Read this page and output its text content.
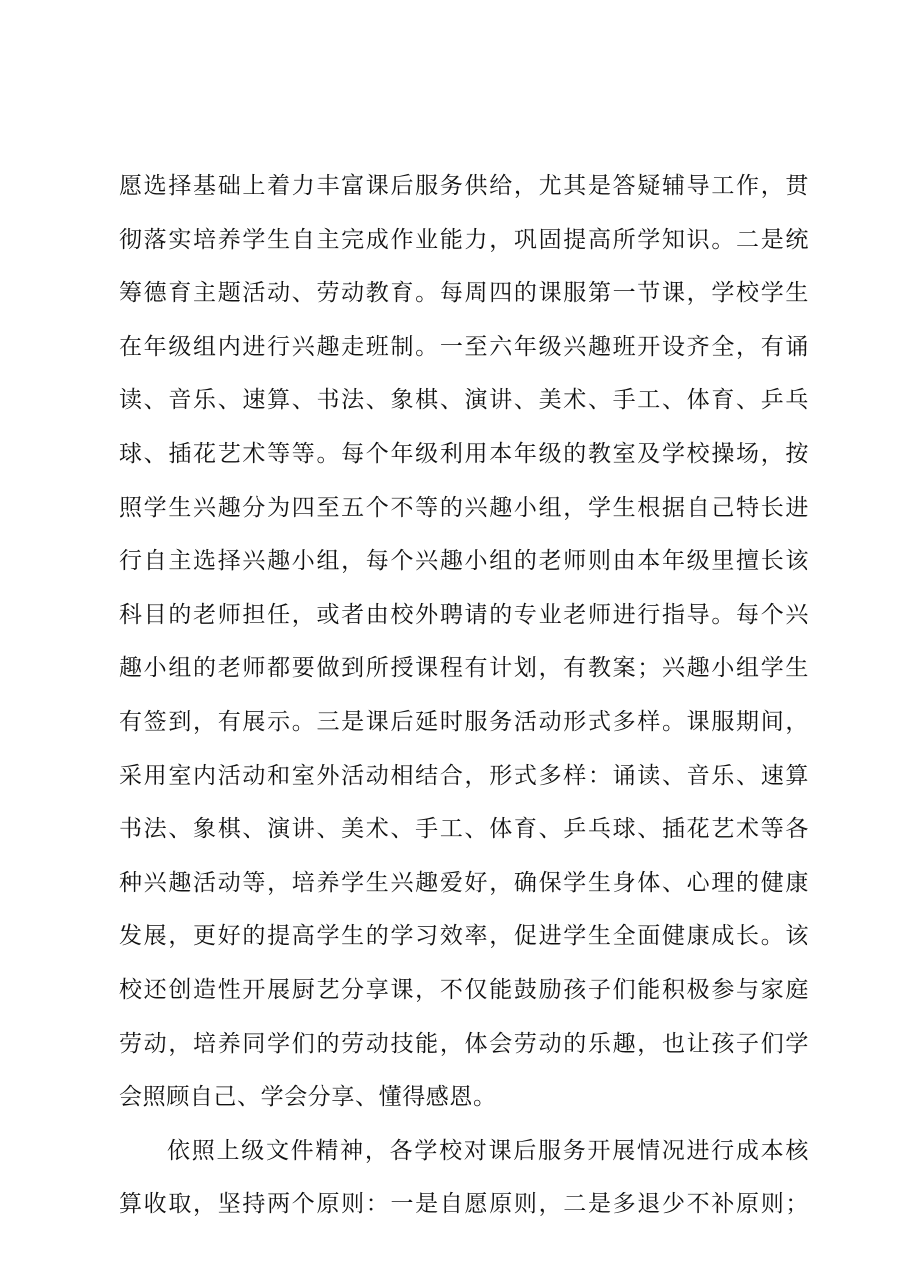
愿选择基础上着力丰富课后服务供给，尤其是答疑辅导工作，贯
彻落实培养学生自主完成作业能力，巩固提高所学知识。二是统
筹德育主题活动、劳动教育。每周四的课服第一节课，学校学生
在年级组内进行兴趣走班制。一至六年级兴趣班开设齐全，有诵
读、音乐、速算、书法、象棋、演讲、美术、手工、体育、乒乓
球、插花艺术等等。每个年级利用本年级的教室及学校操场，按
照学生兴趣分为四至五个不等的兴趣小组，学生根据自己特长进
行自主选择兴趣小组，每个兴趣小组的老师则由本年级里擅长该
科目的老师担任，或者由校外聘请的专业老师进行指导。每个兴
趣小组的老师都要做到所授课程有计划，有教案；兴趣小组学生
有签到，有展示。三是课后延时服务活动形式多样。课服期间，
采用室内活动和室外活动相结合，形式多样：诵读、音乐、速算
书法、象棋、演讲、美术、手工、体育、乒乓球、插花艺术等各
种兴趣活动等，培养学生兴趣爱好，确保学生身体、心理的健康
发展，更好的提高学生的学习效率，促进学生全面健康成长。该
校还创造性开展厨艺分享课，不仅能鼓励孩子们能积极参与家庭
劳动，培养同学们的劳动技能，体会劳动的乐趣，也让孩子们学
会照顾自己、学会分享、懂得感恩。
依照上级文件精神，各学校对课后服务开展情况进行成本核
算收取，坚持两个原则：一是自愿原则，二是多退少不补原则；
